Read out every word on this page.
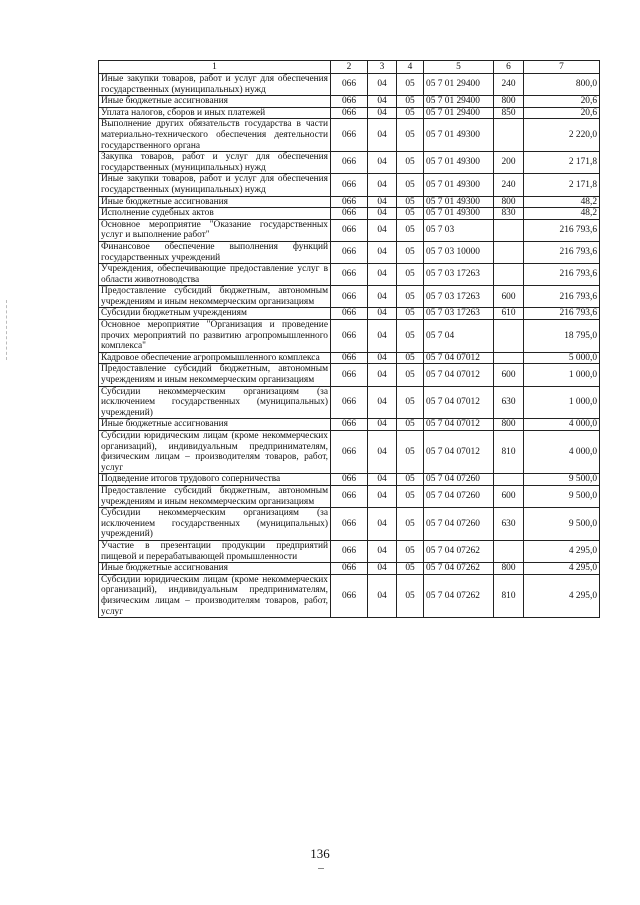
1	2	3	4	5	6	7
Иные закупки товаров, работ и услуг для обеспечения государственных (муниципальных) нужд	066	04	05	05 7 01 29400	240	800,0
Иные бюджетные ассигнования	066	04	05	05 7 01 29400	800	20,6
Уплата налогов, сборов и иных платежей	066	04	05	05 7 01 29400	850	20,6
Выполнение других обязательств государства в части материально-технического обеспечения деятельности государственного органа	066	04	05	05 7 01 49300		2 220,0
Закупка товаров, работ и услуг для обеспечения государственных (муниципальных) нужд	066	04	05	05 7 01 49300	200	2 171,8
Иные закупки товаров, работ и услуг для обеспечения государственных (муниципальных) нужд	066	04	05	05 7 01 49300	240	2 171,8
Иные бюджетные ассигнования	066	04	05	05 7 01 49300	800	48,2
Исполнение судебных актов	066	04	05	05 7 01 49300	830	48,2
Основное мероприятие "Оказание государственных услуг и выполнение работ"	066	04	05	05 7 03		216 793,6
Финансовое обеспечение выполнения функций государственных учреждений	066	04	05	05 7 03 10000		216 793,6
Учреждения, обеспечивающие предоставление услуг в области животноводства	066	04	05	05 7 03 17263		216 793,6
Предоставление субсидий бюджетным, автономным учреждениям и иным некоммерческим организациям	066	04	05	05 7 03 17263	600	216 793,6
Субсидии бюджетным учреждениям	066	04	05	05 7 03 17263	610	216 793,6
Основное мероприятие "Организация и проведение прочих мероприятий по развитию агропромышленного комплекса"	066	04	05	05 7 04		18 795,0
Кадровое обеспечение агропромышленного комплекса	066	04	05	05 7 04 07012		5 000,0
Предоставление субсидий бюджетным, автономным учреждениям и иным некоммерческим организациям	066	04	05	05 7 04 07012	600	1 000,0
Субсидии некоммерческим организациям (за исключением государственных (муниципальных) учреждений)	066	04	05	05 7 04 07012	630	1 000,0
Иные бюджетные ассигнования	066	04	05	05 7 04 07012	800	4 000,0
Субсидии юридическим лицам (кроме некоммерческих организаций), индивидуальным предпринимателям, физическим лицам – производителям товаров, работ, услуг	066	04	05	05 7 04 07012	810	4 000,0
Подведение итогов трудового соперничества	066	04	05	05 7 04 07260		9 500,0
Предоставление субсидий бюджетным, автономным учреждениям и иным некоммерческим организациям	066	04	05	05 7 04 07260	600	9 500,0
Субсидии некоммерческим организациям (за исключением государственных (муниципальных) учреждений)	066	04	05	05 7 04 07260	630	9 500,0
Участие в презентации продукции предприятий пищевой и перерабатывающей промышленности	066	04	05	05 7 04 07262		4 295,0
Иные бюджетные ассигнования	066	04	05	05 7 04 07262	800	4 295,0
Субсидии юридическим лицам (кроме некоммерческих организаций), индивидуальным предпринимателям, физическим лицам – производителям товаров, работ, услуг	066	04	05	05 7 04 07262	810	4 295,0
136
